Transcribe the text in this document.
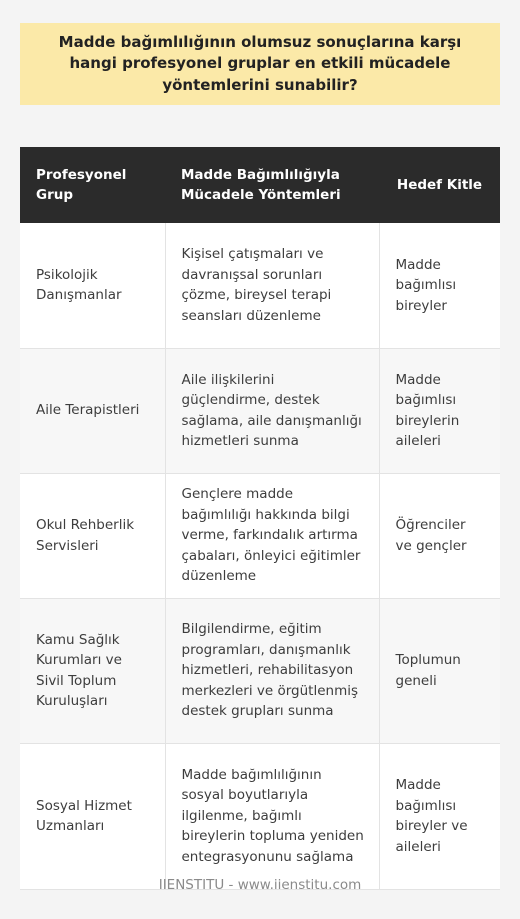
Madde bağımlılığının olumsuz sonuçlarına karşı hangi profesyonel gruplar en etkili mücadele yöntemlerini sunabilir?

Profesyonel Grup	Madde Bağımlılığıyla Mücadele Yöntemleri	Hedef Kitle
Psikolojik Danışmanlar	Kişisel çatışmaları ve davranışsal sorunları çözme, bireysel terapi seansları düzenleme	Madde bağımlısı bireyler
Aile Terapistleri	Aile ilişkilerini güçlendirme, destek sağlama, aile danışmanlığı hizmetleri sunma	Madde bağımlısı bireylerin aileleri
Okul Rehberlik Servisleri	Gençlere madde bağımlılığı hakkında bilgi verme, farkındalık artırma çabaları, önleyici eğitimler düzenleme	Öğrenciler ve gençler
Kamu Sağlık Kurumları ve Sivil Toplum Kuruluşları	Bilgilendirme, eğitim programları, danışmanlık hizmetleri, rehabilitasyon merkezleri ve örgütlenmiş destek grupları sunma	Toplumun geneli
Sosyal Hizmet Uzmanları	Madde bağımlılığının sosyal boyutlarıyla ilgilenme, bağımlı bireylerin topluma yeniden entegrasyonunu sağlama	Madde bağımlısı bireyler ve aileleri
IIENSTITU - www.iienstitu.com
